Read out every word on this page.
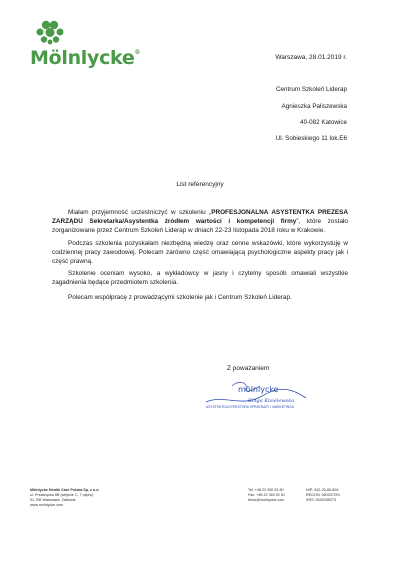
Mölnlycke®
Warszawa, 28.01.2019 r.
Centrum Szkoleń Liderap
Agnieszka Paliszewska
40-082 Katowice
Ul. Sobieskiego 11 lok.E6
List referencyjny

Miałam przyjemność uczestniczyć w szkoleniu „PROFESJONALNA ASYSTENTKA PREZESA ZARZĄDU Sekretarka/Asystentka źródłem wartości i kompetencji firmy”, które zostało zorganizowane przez Centrum Szkoleń Liderap w dniach 22-23 listopada 2018 roku w Krakowie.

Podczas szkolenia pozyskałam niezbędną wiedzę oraz cenne wskazówki, które wykorzystuję w codziennej pracy zawodowej. Polecam zarówno część omawiającą psychologiczne aspekty pracy jak i część prawną.

Szkolenie oceniam wysoko, a wykładowcy w jasny i czytelny sposób omawiali wszystkie zagadnienia będące przedmiotem szkolenia.

Polecam współpracę z prowadzącymi szkolenie jak i Centrum Szkoleń Liderap.

Z poważaniem
mölnlycke
ASYSTENTKA DYREKTORA SPRZEDAŻY I MARKETINGU
Kinga Kisielewska
Mölnlycke Health Care Polska Sp. z o.o.
ul. Przasnyska 6B (wejście C, 7 piętro)
01-756 Warszawa, Zabłocie
www.molnlycke.com
Tel: +48 22 350 52 80
Fax: +48 22 350 52 81
biuro@molnlycke.com
NIP: 542-25-86-826
REGON: 050037291
KRS: 0000165273
